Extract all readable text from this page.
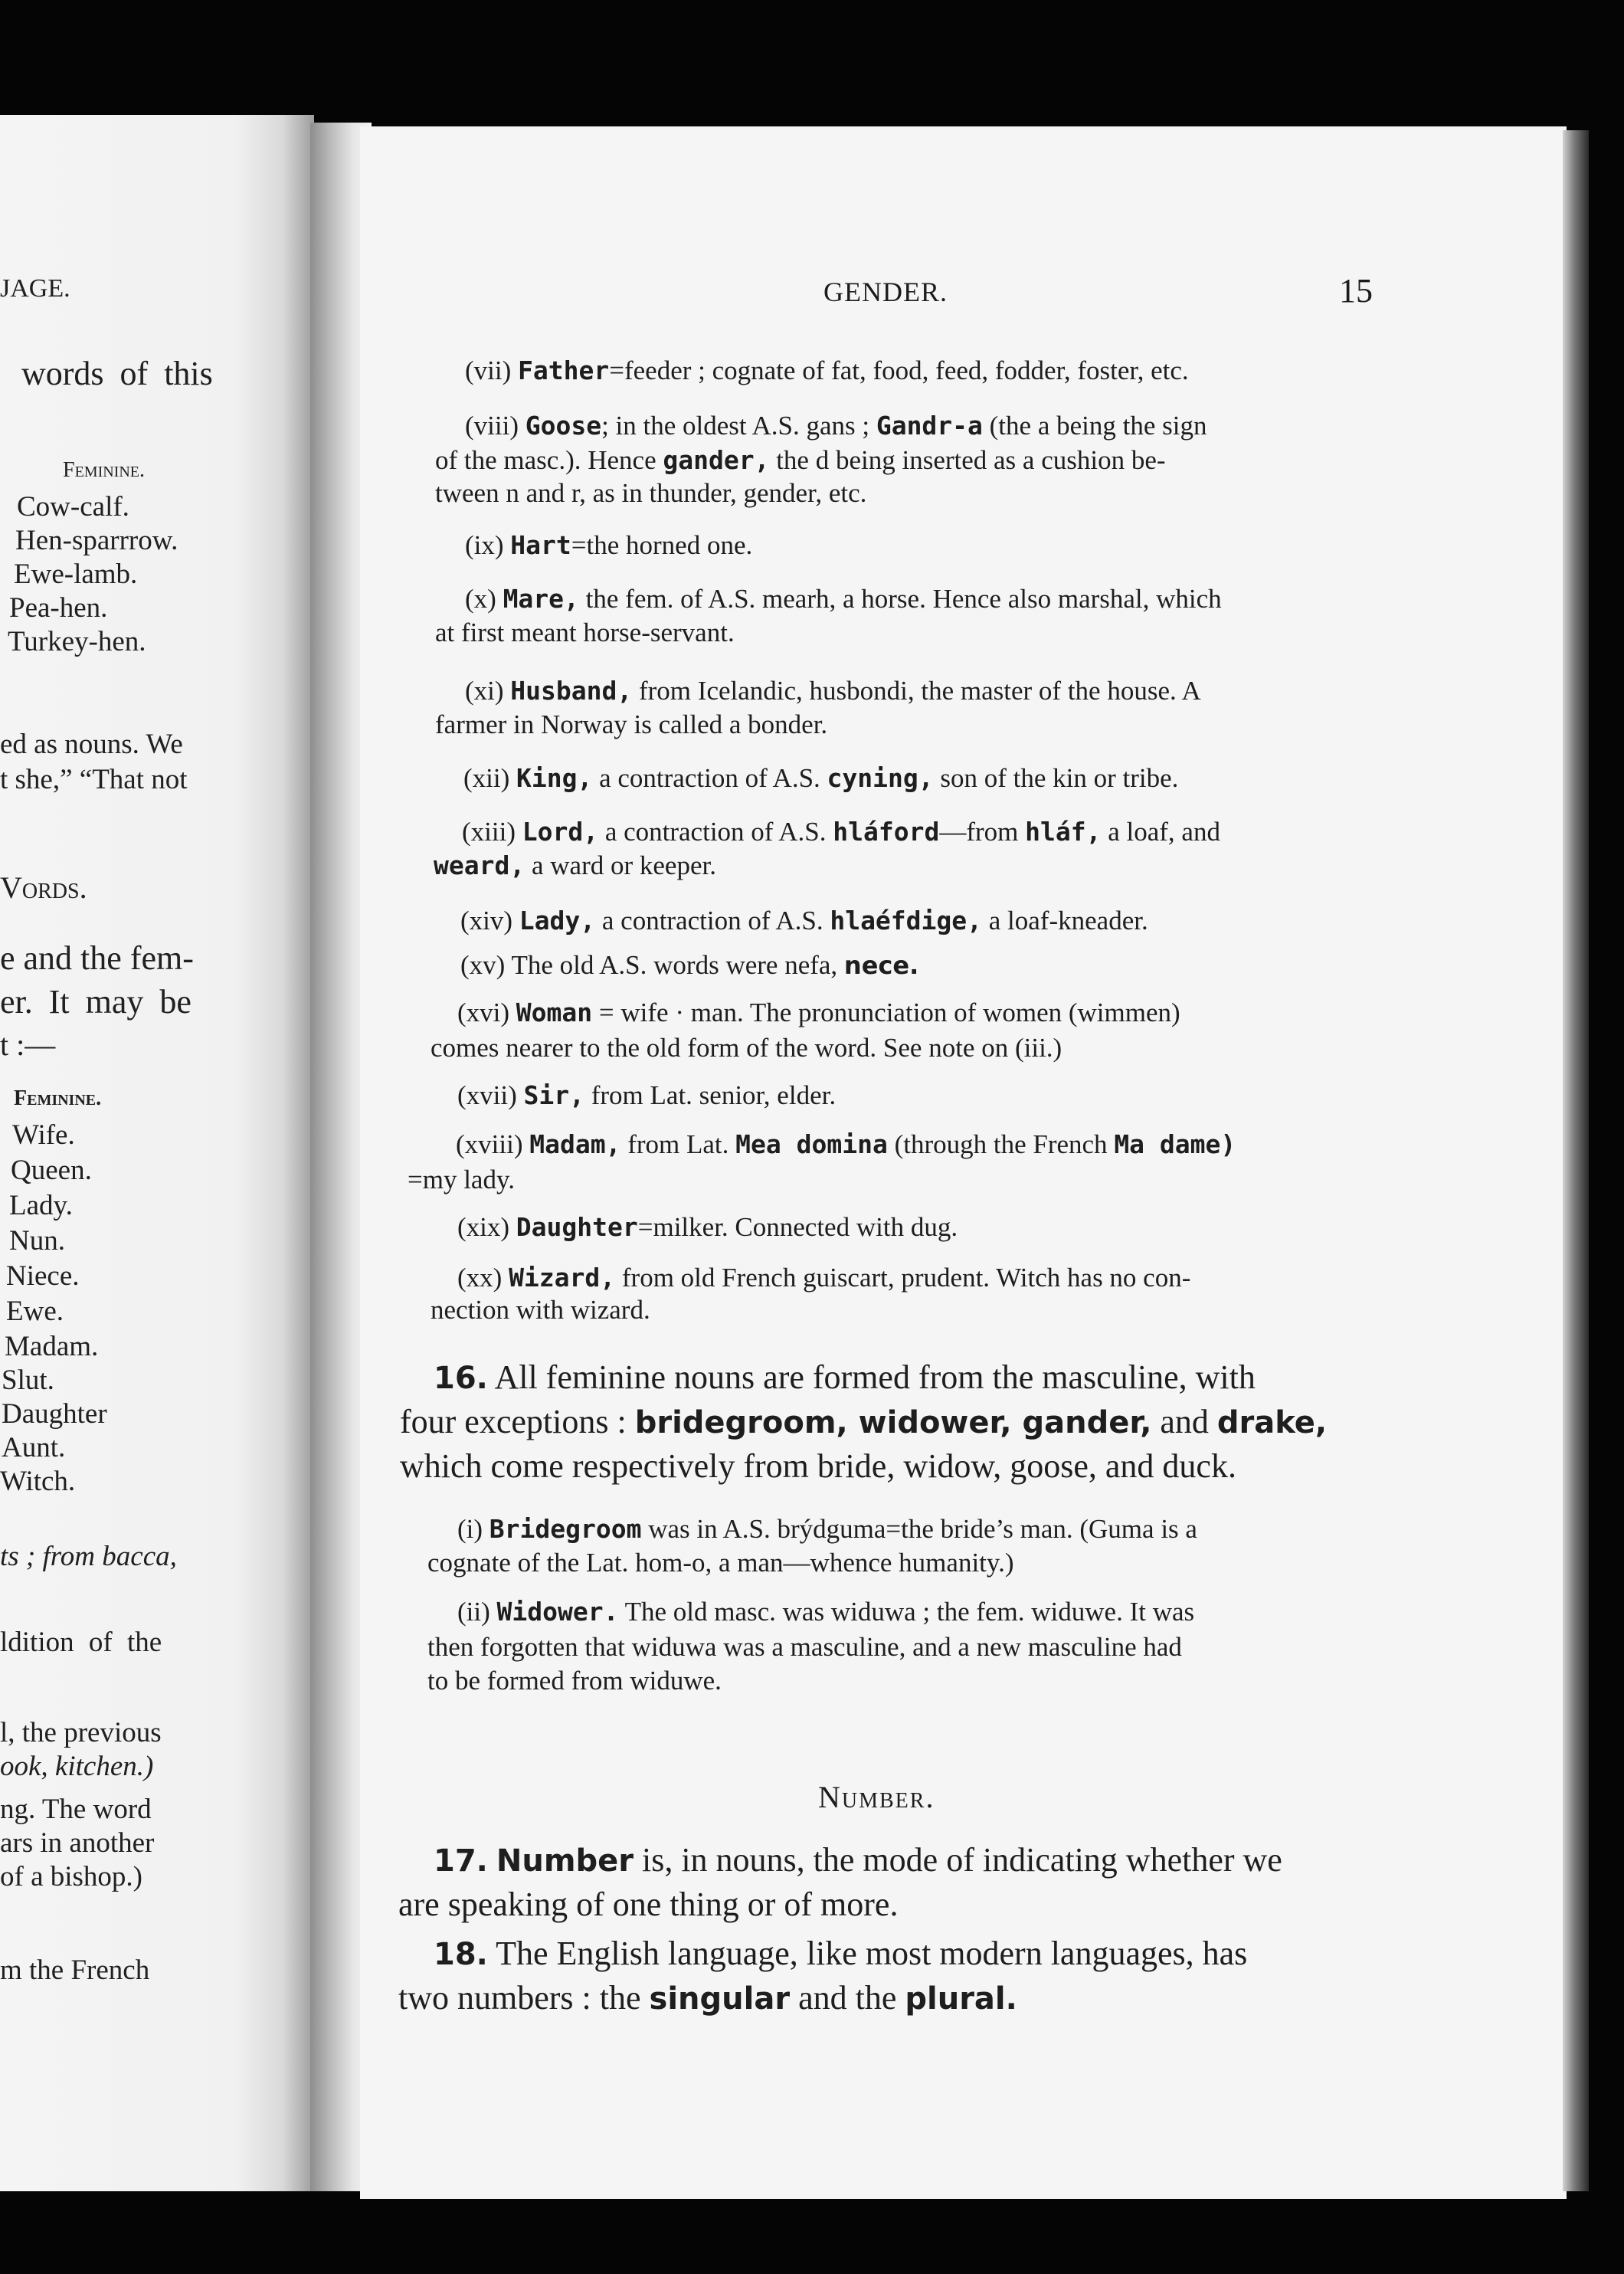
JAGE.
words of this
Feminine.
Cow-calf.
Hen-sparrrow.
Ewe-lamb.
Pea-hen.
Turkey-hen.
ed as nouns. We
t she,” “That not
Vords.
e and the fem-
er. It may be
t :—
Feminine.
Wife.
Queen.
Lady.
Nun.
Niece.
Ewe.
Madam.
Slut.
Daughter
Aunt.
Witch.
ts ; from bacca,
ldition of the
l, the previous
ook, kitchen.)
ng. The word
ars in another
of a bishop.)
m the French
GENDER.	15
(vii) Father=feeder ; cognate of fat, food, feed, fodder, foster, etc.
(viii) Goose; in the oldest A.S. gans ; Gandr-a (the a being the sign
of the masc.). Hence gander, the d being inserted as a cushion be-
tween n and r, as in thunder, gender, etc.
(ix) Hart=the horned one.
(x) Mare, the fem. of A.S. mearh, a horse. Hence also marshal, which
at first meant horse-servant.
(xi) Husband, from Icelandic, husbondi, the master of the house. A
farmer in Norway is called a bonder.
(xii) King, a contraction of A.S. cyning, son of the kin or tribe.
(xiii) Lord, a contraction of A.S. hláford—from hláf, a loaf, and
weard, a ward or keeper.
(xiv) Lady, a contraction of A.S. hlaéfdige, a loaf-kneader.
(xv) The old A.S. words were nefa, nece.
(xvi) Woman = wife · man. The pronunciation of women (wimmen)
comes nearer to the old form of the word. See note on (iii.)
(xvii) Sir, from Lat. senior, elder.
(xviii) Madam, from Lat. Mea domina (through the French Ma dame)
=my lady.
(xix) Daughter=milker. Connected with dug.
(xx) Wizard, from old French guiscart, prudent. Witch has no con-
nection with wizard.
16. All feminine nouns are formed from the masculine, with
four exceptions : bridegroom, widower, gander, and drake,
which come respectively from bride, widow, goose, and duck.
(i) Bridegroom was in A.S. brýdguma=the bride’s man. (Guma is a
cognate of the Lat. hom-o, a man—whence humanity.)
(ii) Widower. The old masc. was widuwa ; the fem. widuwe. It was
then forgotten that widuwa was a masculine, and a new masculine had
to be formed from widuwe.
Number.
17. Number is, in nouns, the mode of indicating whether we
are speaking of one thing or of more.
18. The English language, like most modern languages, has
two numbers : the singular and the plural.
